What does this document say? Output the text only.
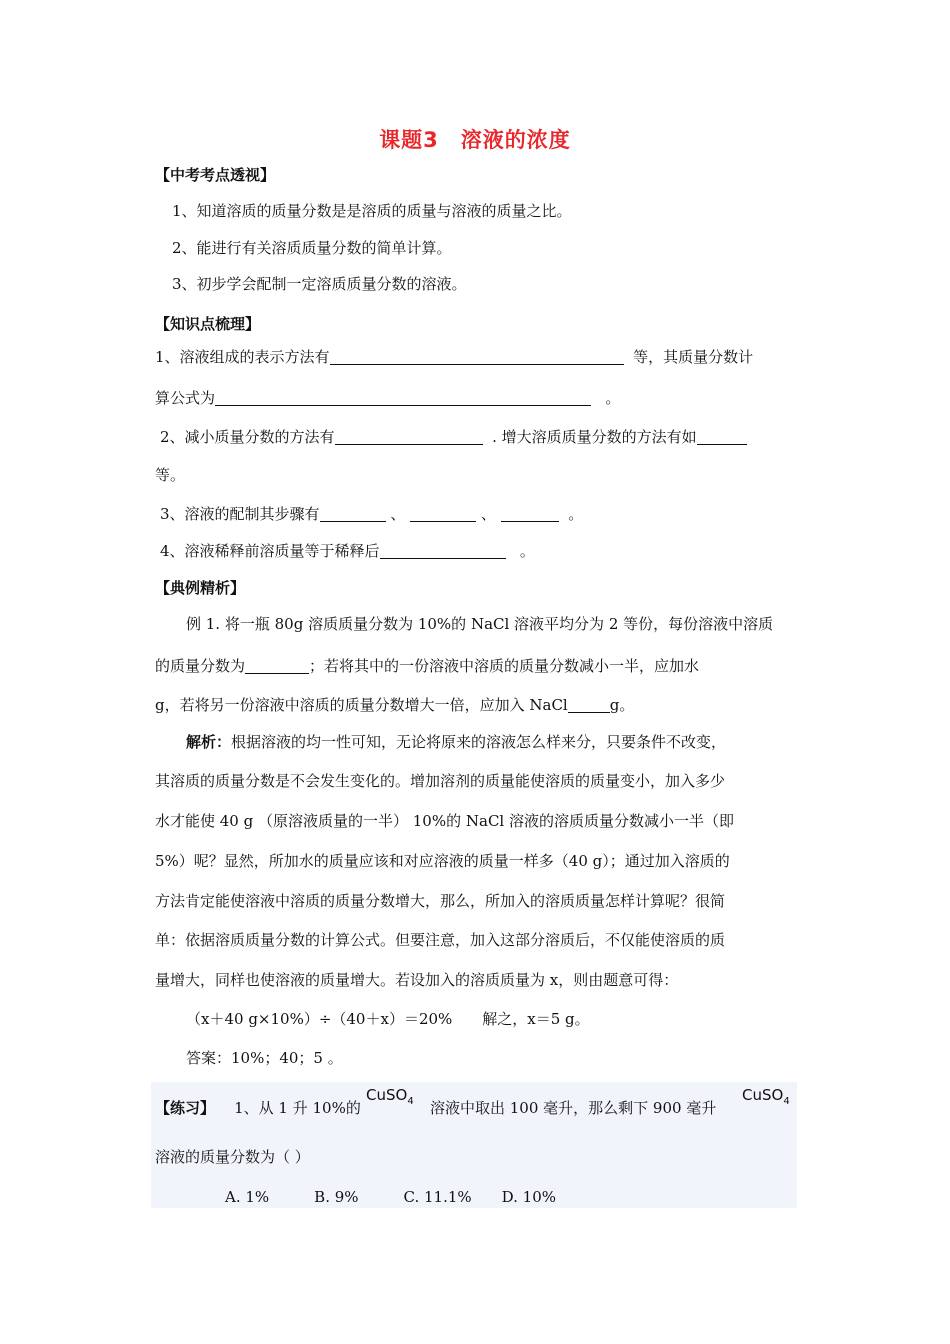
课题3　溶液的浓度
【中考考点透视】
1、知道溶质的质量分数是是溶质的质量与溶液的质量之比。
2、能进行有关溶质质量分数的简单计算。
3、初步学会配制一定溶质质量分数的溶液。
【知识点梳理】
1、溶液组成的表示方法有	等，其质量分数计
算公式为	。
2、减小质量分数的方法有	. 增大溶质质量分数的方法有如
等。
3、溶液的配制其步骤有	、	、	。
4、溶液稀释前溶质量等于稀释后	。
【典例精析】
例 1. 将一瓶 80g 溶质质量分数为 10%的 NaCl 溶液平均分为 2 等份，每份溶液中溶质
的质量分数为	；若将其中的一份溶液中溶质的质量分数减小一半，应加水
g，若将另一份溶液中溶质的质量分数增大一倍，应加入 NaCl	g。
解析：根据溶液的均一性可知，无论将原来的溶液怎么样来分，只要条件不改变，
其溶质的质量分数是不会发生变化的。增加溶剂的质量能使溶质的质量变小，加入多少
水才能使 40 g （原溶液质量的一半） 10%的 NaCl 溶液的溶质质量分数减小一半（即
5%）呢？显然，所加水的质量应该和对应溶液的质量一样多（40 g）；通过加入溶质的
方法肯定能使溶液中溶质的质量分数增大，那么，所加入的溶质质量怎样计算呢？很简
单：依据溶质质量分数的计算公式。但要注意，加入这部分溶质后，不仅能使溶质的质
量增大，同样也使溶液的质量增大。若设加入的溶质质量为 x，则由题意可得：
（x＋40 g×10%）÷（40＋x）＝20%　　解之，x＝5 g。
答案：10%；40；5 。
【练习】 1、从 1 升 10%的
CuSO$_4$ 溶液中取出 100 毫升，那么剩下 900 毫升
CuSO$_4$
溶液的质量分数为（ ）
A. 1%　　　B. 9%　　　C. 11.1%　　D. 10%
